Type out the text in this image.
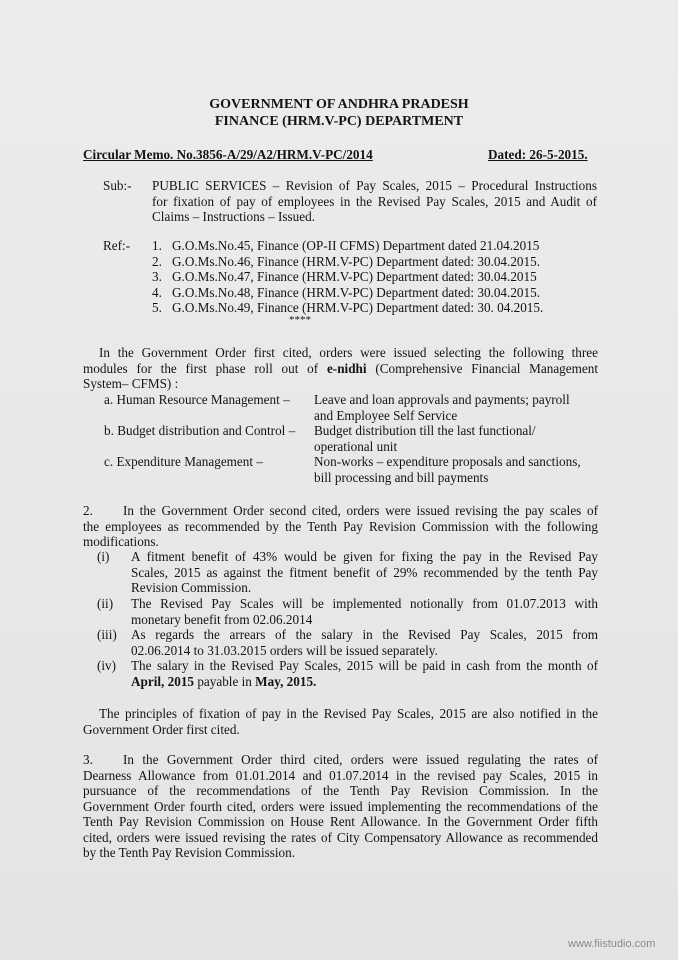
GOVERNMENT OF ANDHRA PRADESH
FINANCE (HRM.V-PC) DEPARTMENT
Circular Memo. No.3856-A/29/A2/HRM.V-PC/2014	Dated: 26-5-2015.
Sub:- PUBLIC SERVICES – Revision of Pay Scales, 2015 – Procedural Instructions
for fixation of pay of employees in the Revised Pay Scales, 2015 and Audit of
Claims – Instructions – Issued.
Ref:- 1. G.O.Ms.No.45, Finance (OP-II CFMS) Department dated 21.04.2015
2. G.O.Ms.No.46, Finance (HRM.V-PC) Department dated: 30.04.2015.
3. G.O.Ms.No.47, Finance (HRM.V-PC) Department dated: 30.04.2015
4. G.O.Ms.No.48, Finance (HRM.V-PC) Department dated: 30.04.2015.
5. G.O.Ms.No.49, Finance (HRM.V-PC) Department dated: 30. 04.2015.
****
In the Government Order first cited, orders were issued selecting the following three
modules for the first phase roll out of e-nidhi (Comprehensive Financial Management
System– CFMS) :
a. Human Resource Management – Leave and loan approvals and payments; payroll
and Employee Self Service
b. Budget distribution and Control – Budget distribution till the last functional/
operational unit
c. Expenditure Management –	Non-works – expenditure proposals and sanctions,
bill processing and bill payments
2.	In the Government Order second cited, orders were issued revising the pay scales of
the employees as recommended by the Tenth Pay Revision Commission with the following
modifications.
(i) A fitment benefit of 43% would be given for fixing the pay in the Revised Pay
Scales, 2015 as against the fitment benefit of 29% recommended by the tenth Pay
Revision Commission.
(ii) The Revised Pay Scales will be implemented notionally from 01.07.2013 with
monetary benefit from 02.06.2014
(iii) As regards the arrears of the salary in the Revised Pay Scales, 2015 from
02.06.2014 to 31.03.2015 orders will be issued separately.
(iv) The salary in the Revised Pay Scales, 2015 will be paid in cash from the month of
April, 2015 payable in May, 2015.
The principles of fixation of pay in the Revised Pay Scales, 2015 are also notified in the
Government Order first cited.
3.	In the Government Order third cited, orders were issued regulating the rates of
Dearness Allowance from 01.01.2014 and 01.07.2014 in the revised pay Scales, 2015 in
pursuance of the recommendations of the Tenth Pay Revision Commission. In the
Government Order fourth cited, orders were issued implementing the recommendations of the
Tenth Pay Revision Commission on House Rent Allowance. In the Government Order fifth
cited, orders were issued revising the rates of City Compensatory Allowance as recommended
by the Tenth Pay Revision Commission.
www.fiistudio.com
